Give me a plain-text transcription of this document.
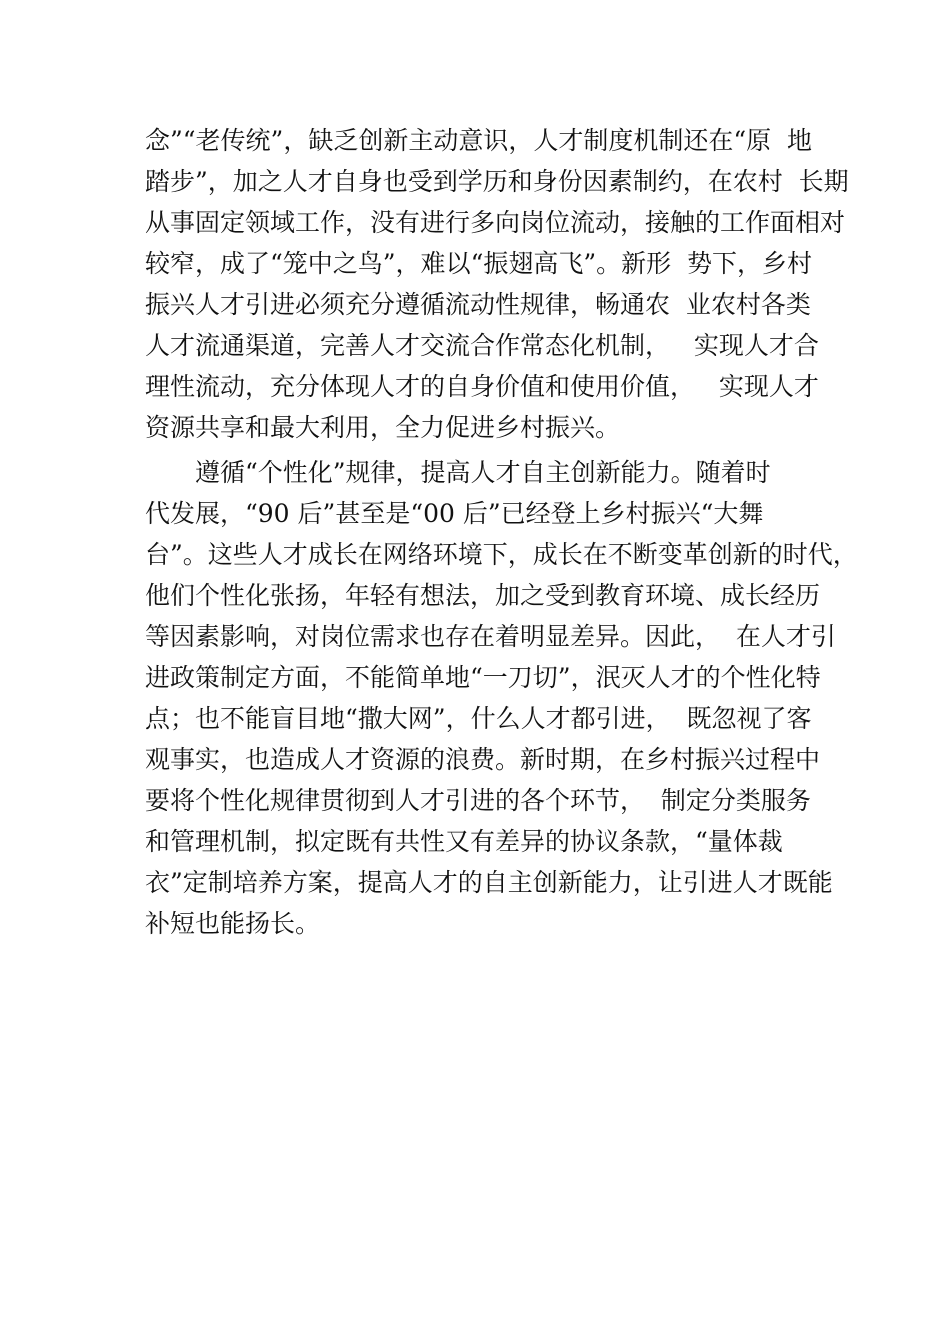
念”“老传统”，缺乏创新主动意识，人才制度机制还在“原  地
踏步”，加之人才自身也受到学历和身份因素制约，在农村  长期
从事固定领域工作，没有进行多向岗位流动，接触的工作面相对
较窄，成了“笼中之鸟”，难以“振翅高飞”。新形  势下，乡村
振兴人才引进必须充分遵循流动性规律，畅通农  业农村各类
人才流通渠道，完善人才交流合作常态化机制，   实现人才合
理性流动，充分体现人才的自身价值和使用价值，   实现人才
资源共享和最大利用，全力促进乡村振兴。
遵循“个性化”规律，提高人才自主创新能力。随着时
代发展，“90 后”甚至是“00 后”已经登上乡村振兴“大舞
台”。这些人才成长在网络环境下，成长在不断变革创新的时代，
他们个性化张扬，年轻有想法，加之受到教育环境、成长经历
等因素影响，对岗位需求也存在着明显差异。因此，  在人才引
进政策制定方面，不能简单地“一刀切”，泯灭人才的个性化特
点；也不能盲目地“撒大网”，什么人才都引进，  既忽视了客
观事实，也造成人才资源的浪费。新时期，在乡村振兴过程中
要将个性化规律贯彻到人才引进的各个环节，  制定分类服务
和管理机制，拟定既有共性又有差异的协议条款，“量体裁
衣”定制培养方案，提高人才的自主创新能力，让引进人才既能
补短也能扬长。
